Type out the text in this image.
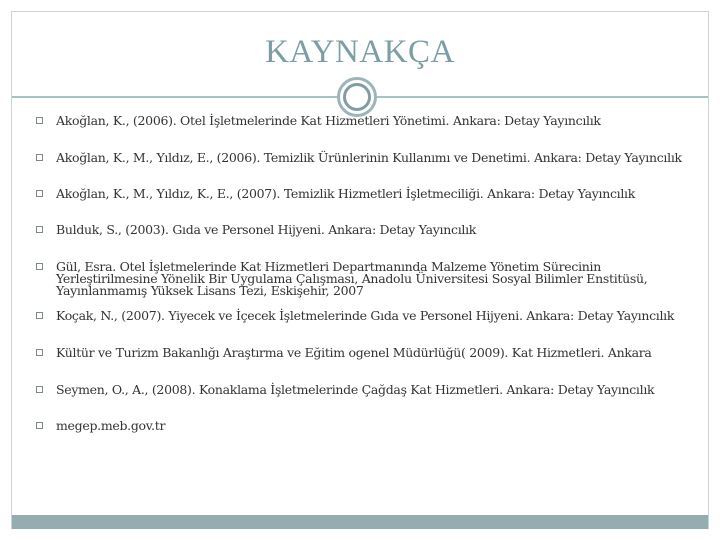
KAYNAKÇA
Akoğlan, K., (2006). Otel İşletmelerinde Kat Hizmetleri Yönetimi. Ankara: Detay Yayıncılık
Akoğlan, K., M., Yıldız, E., (2006). Temizlik Ürünlerinin Kullanımı ve Denetimi. Ankara: Detay Yayıncılık
Akoğlan, K., M., Yıldız, K., E., (2007). Temizlik Hizmetleri İşletmeciliği. Ankara: Detay Yayıncılık
Bulduk, S., (2003). Gıda ve Personel Hijyeni. Ankara: Detay Yayıncılık
Gül, Esra. Otel İşletmelerinde Kat Hizmetleri Departmanında Malzeme Yönetim Sürecinin Yerleştirilmesine Yönelik Bir Uygulama Çalışması, Anadolu Üniversitesi Sosyal Bilimler Enstitüsü, Yayınlanmamış Yüksek Lisans Tezi, Eskişehir, 2007
Koçak, N., (2007). Yiyecek ve İçecek İşletmelerinde Gıda ve Personel Hijyeni. Ankara: Detay Yayıncılık
Kültür ve Turizm Bakanlığı Araştırma ve Eğitim ogenel Müdürlüğü( 2009). Kat Hizmetleri. Ankara
Seymen, O., A., (2008). Konaklama İşletmelerinde Çağdaş Kat Hizmetleri. Ankara: Detay Yayıncılık
megep.meb.gov.tr
